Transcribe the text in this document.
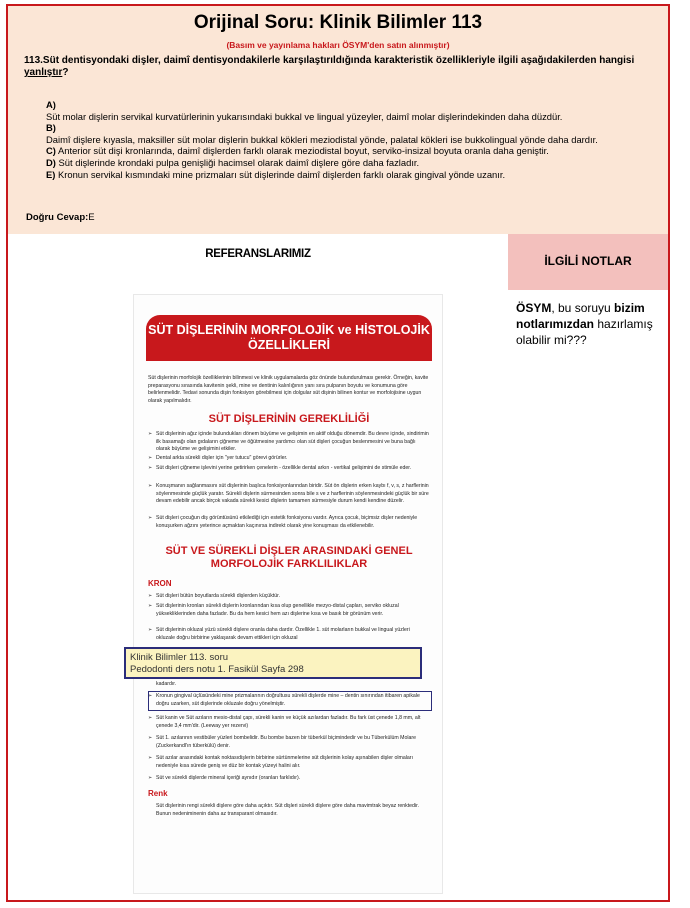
Orijinal Soru: Klinik Bilimler 113
(Basım ve yayınlama hakları ÖSYM'den satın alınmıştır)
113.Süt dentisyondaki dişler, daimî dentisyondakilerle karşılaştırıldığında karakteristik özellikleriyle ilgili aşağıdakilerden hangisi yanlıştır?
A)
Süt molar dişlerin servikal kurvatürlerinin yukarısındaki bukkal ve lingual yüzeyler, daimî molar dişlerindekinden daha düzdür.
B)
Daimî dişlere kıyasla, maksiller süt molar dişlerin bukkal kökleri meziodistal yönde, palatal kökleri ise bukkolingual yönde daha dardır.
C) Anterior süt dişi kronlarında, daimî dişlerden farklı olarak meziodistal boyut, serviko-insizal boyuta oranla daha geniştir.
D) Süt dişlerinde krondaki pulpa genişliği hacimsel olarak daimî dişlere göre daha fazladır.
E) Kronun servikal kısmındaki mine prizmaları süt dişlerinde daimî dişlerden farklı olarak gingival yönde uzanır.
Doğru Cevap:E
REFERANSLARIMIZ
SÜT DİŞLERİNİN MORFOLOJİK ve HİSTOLOJİK ÖZELLİKLERİ
Süt dişlerinin morfolojik özelliklerinin bilinmesi ve klinik uygulamalarda göz önünde bulundurulması gerekir. Örneğin, kavite preparasyonu sırasında kavitenin şekli, mine ve dentinin kalınlığının yanı sıra pulpanın boyutu ve konumuna göre belirlenmelidir. Tedavi sonunda dişin fonksiyon görebilmesi için dolgular süt dişinin bilinen kontur ve morfolojisine uygun olarak yapılmalıdır.
SÜT DİŞLERİNİN GEREKLİLİĞİ
➢ Süt dişlerinin ağız içinde bulundukları dönem büyüme ve gelişimin en aktif olduğu dönemdir. Bu devre içinde, sindirimin ilk basamağı olan gıdaların çiğneme ve öğütmesine yardımcı olan süt dişleri çocuğun beslenmesini ve buna bağlı olarak büyüme ve gelişimini etkiler.
➢ Dental arkta sürekli dişler için "yer tutucu" görevi görürler.
➢ Süt dişleri çiğneme işlevini yerine getirirken çenelerin - özellikle dental arkın - vertikal gelişimini de stimüle eder.
➢ Konuşmanın sağlanmasını süt dişlerinin başlıca fonksiyonlarından biridir. Süt ön dişlerin erken kaybı f, v, s, z harflerinin söylenmesinde güçlük yaratır. Sürekli dişlerin sürmesinden sonra bile s ve z harflerinin söylenmesindeki güçlük bir süre devam edebilir ancak birçok vakada sürekli kesici dişlerin tamamen sürmesiyle durum kendi kendine düzelir.
➢ Süt dişleri çocuğun diş görüntüsünü etkilediği için estetik fonksiyonu vardır. Ayrıca çocuk, biçimsiz dişler nedeniyle konuşurken ağzını yeterince açmaktan kaçınırsa indirekt olarak yine konuşması da etkilenebilir.
SÜT VE SÜREKLİ DİŞLER ARASINDAKİ GENEL MORFOLOJİK FARKLILIKLAR
KRON
➢ Süt dişleri bütün boyutlarda sürekli dişlerden küçüktür.
➢ Süt dişlerinin kronları sürekli dişlerin kronlarından kısa olup genellikle mezyo-distal çapları, serviko okluzal yüksekliklerinden daha fazladır. Bu da hem kesici hem azı dişlerine kısa ve basık bir görünüm verir.
➢ Süt dişlerinin okluzal yüzü sürekli dişlere oranla daha dardır. Özellikle 1. süt molarların bukkal ve lingual yüzleri okluzale doğru birbirine yaklaşarak devam ettikleri için okluzal
Klinik Bilimler 113. soru
Pedodonti ders notu 1. Fasikül Sayfa 298
kadardır.
➢ Kronun gingival üçlüsündeki mine prizmalarının doğrultusu sürekli dişlerde mine – dentin sınırından itibaren apikale doğru uzarken, süt dişlerinde okluzale doğru yönelmiştir.
➢ Süt kanin ve Süt azıların mesio-distal çapı, sürekli kanin ve küçük azılardan fazladır. Bu fark üst çenede 1,8 mm, alt çenede 3,4 mm'dir. (Leeway yer rezervi)
➢ Süt 1. azılarının vestibüler yüzleri bombelidir. Bu bombe bazen bir tüberkül biçimindedir ve bu Tüberkülüm Molare (Zuckerkandl'ın tüberkülü) denir.
➢ Süt azılar arasındaki kontak noktasıdişlerin birbirine sürtünmelerine süt dişlerinin kolay aşınabilen dişler olmaları nedeniyle kısa sürede geniş ve düz bir kontak yüzeyi halini alır.
➢ Süt ve sürekli dişlerde mineral içeriği aynıdır (oranları farklıdır).
Renk
Süt dişlerinin rengi sürekli dişlere göre daha açıktır. Süt dişleri sürekli dişlere göre daha mavimtrak beyaz renktedir. Bunun nedeniminenin daha az transparant olmasıdır.
İLGİLİ NOTLAR
ÖSYM, bu soruyu bizim notlarımızdan hazırlamış olabilir mi???
